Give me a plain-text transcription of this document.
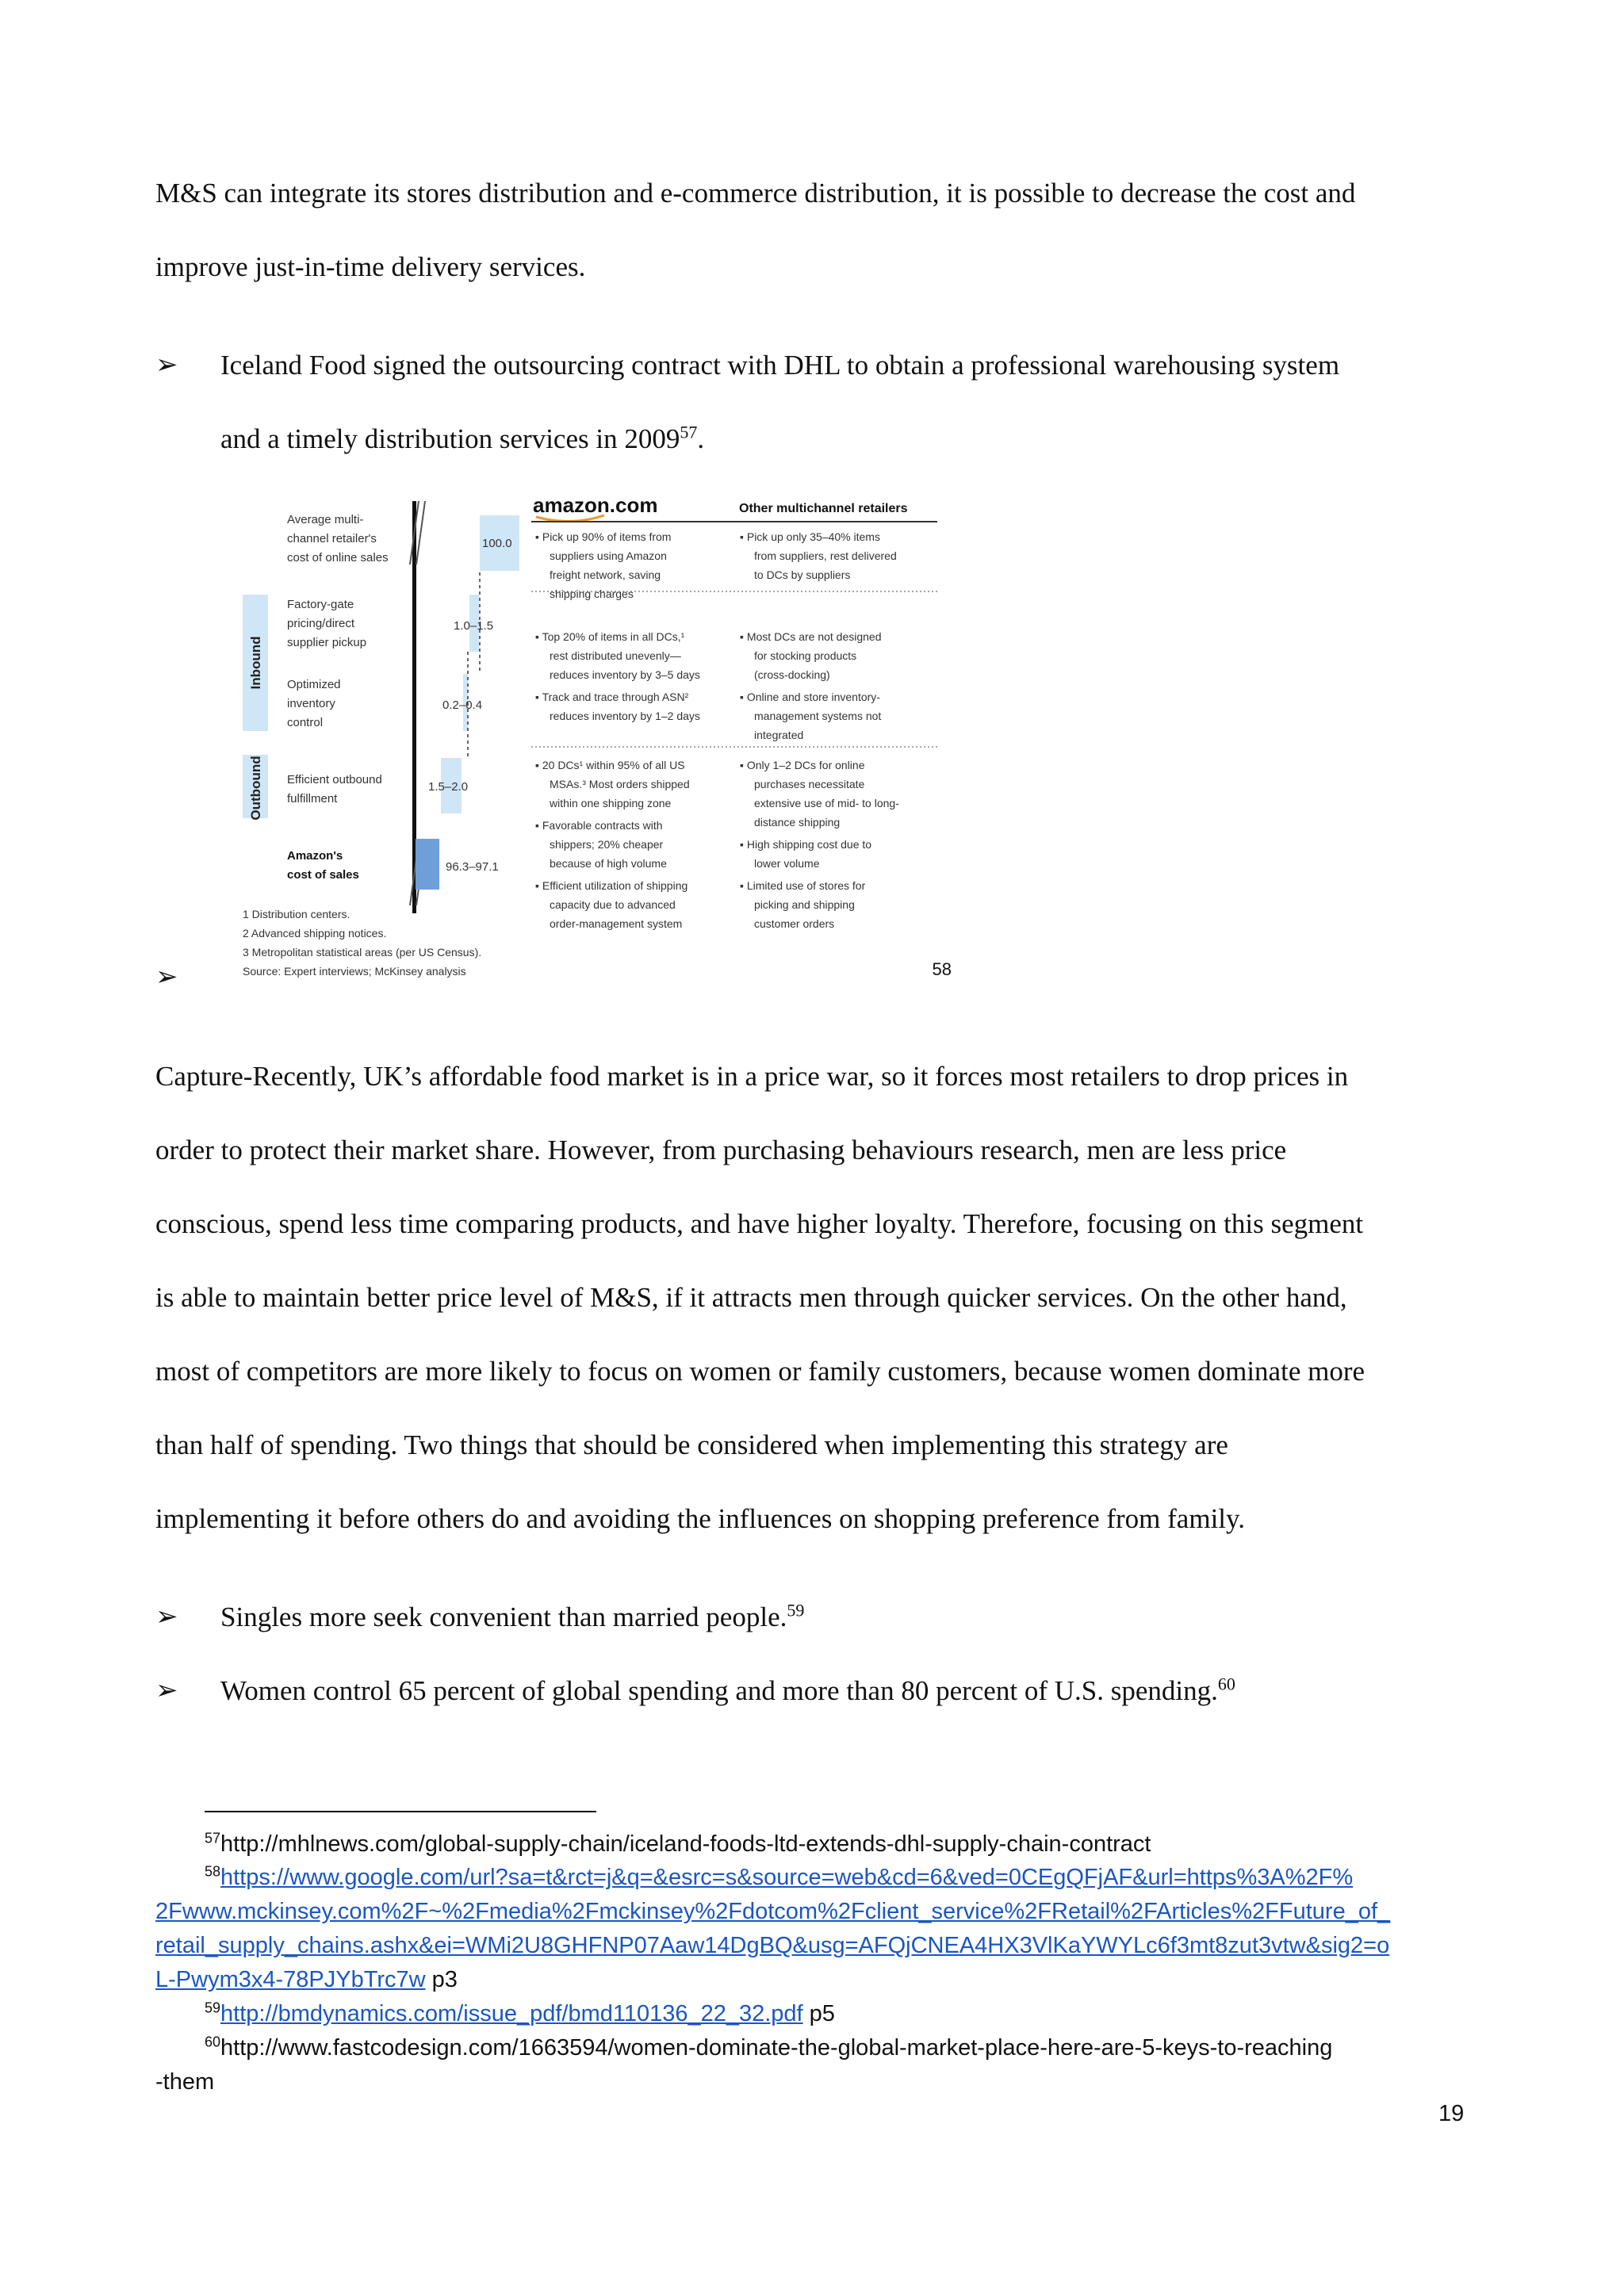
M&S can integrate its stores distribution and e-commerce distribution, it is possible to decrease the cost and
improve just-in-time delivery services.
➢ Iceland Food signed the outsourcing contract with DHL to obtain a professional warehousing system
and a timely distribution services in 2009$^{57}$.
➢
Inbound
Outbound
Average multi-
channel retailer's
cost of online sales
Factory-gate
pricing/direct
supplier pickup
Optimized
inventory
control
Efficient outbound
fulfillment
Amazon's
cost of sales
100.0
1.0–1.5
0.2–0.4
1.5–2.0
96.3–97.1
amazon.com	Other multichannel retailers
▪ Pick up 90% of items from
suppliers using Amazon
freight network, saving
shipping charges
▪ Top 20% of items in all DCs,¹
rest distributed unevenly—
reduces inventory by 3–5 days
▪ Track and trace through ASN²
reduces inventory by 1–2 days
▪ 20 DCs¹ within 95% of all US
MSAs.³ Most orders shipped
within one shipping zone
▪ Favorable contracts with
shippers; 20% cheaper
because of high volume
▪ Efficient utilization of shipping
capacity due to advanced
order-management system
▪ Pick up only 35–40% items
from suppliers, rest delivered
to DCs by suppliers
▪ Most DCs are not designed
for stocking products
(cross-docking)
▪ Online and store inventory-
management systems not
integrated
▪ Only 1–2 DCs for online
purchases necessitate
extensive use of mid- to long-
distance shipping
▪ High shipping cost due to
lower volume
▪ Limited use of stores for
picking and shipping
customer orders
1 Distribution centers.
2 Advanced shipping notices.
3 Metropolitan statistical areas (per US Census).
Source: Expert interviews; McKinsey analysis	58
Capture-Recently, UK’s affordable food market is in a price war, so it forces most retailers to drop prices in
order to protect their market share. However, from purchasing behaviours research, men are less price
conscious, spend less time comparing products, and have higher loyalty. Therefore, focusing on this segment
is able to maintain better price level of M&S, if it attracts men through quicker services. On the other hand,
most of competitors are more likely to focus on women or family customers, because women dominate more
than half of spending. Two things that should be considered when implementing this strategy are
implementing it before others do and avoiding the influences on shopping preference from family.
➢ Singles more seek convenient than married people.$^{59}$
➢ Women control 65 percent of global spending and more than 80 percent of U.S. spending.$^{60}$
$^{57}$http://mhlnews.com/global-supply-chain/iceland-foods-ltd-extends-dhl-supply-chain-contract
$^{58}$https://www.google.com/url?sa=t&rct=j&q=&esrc=s&source=web&cd=6&ved=0CEgQFjAF&url=https%3A%2F%
2Fwww.mckinsey.com%2F~%2Fmedia%2Fmckinsey%2Fdotcom%2Fclient_service%2FRetail%2FArticles%2FFuture_of_
retail_supply_chains.ashx&ei=WMi2U8GHFNP07Aaw14DgBQ&usg=AFQjCNEA4HX3VlKaYWYLc6f3mt8zut3vtw&sig2=o
L-Pwym3x4-78PJYbTrc7w p3
$^{59}$http://bmdynamics.com/issue_pdf/bmd110136_22_32.pdf p5
$^{60}$http://www.fastcodesign.com/1663594/women-dominate-the-global-market-place-here-are-5-keys-to-reaching
-them
19
